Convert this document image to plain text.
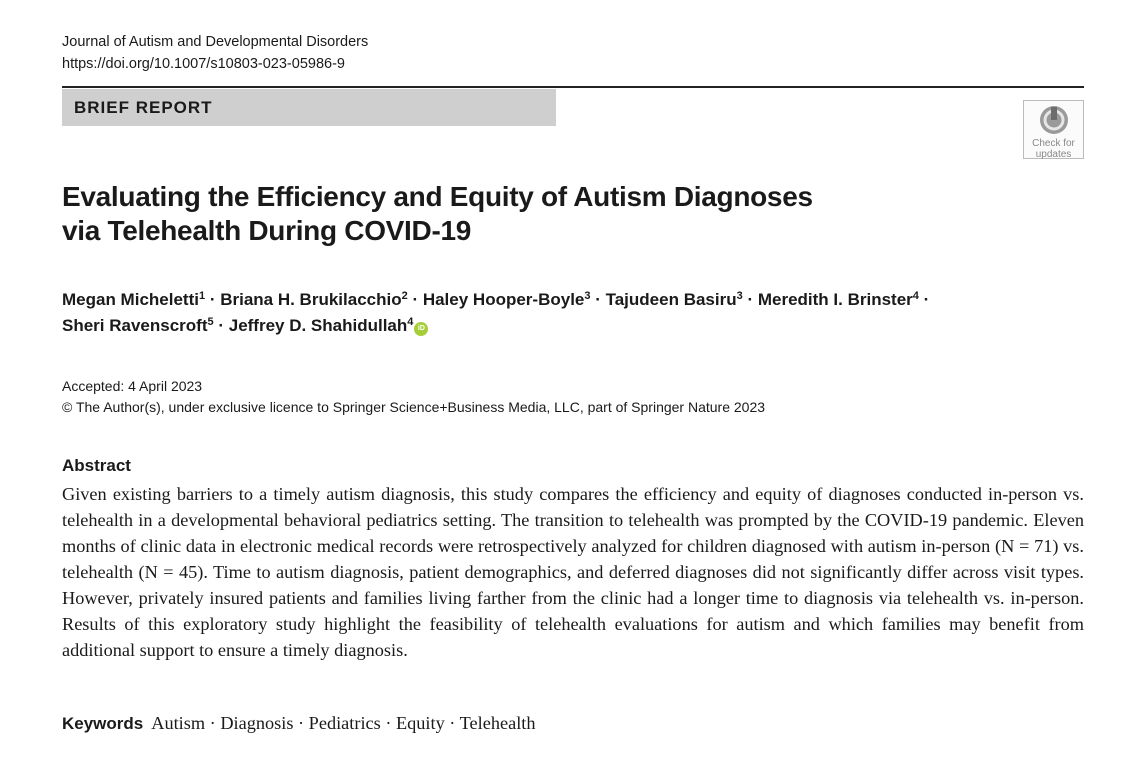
Journal of Autism and Developmental Disorders
https://doi.org/10.1007/s10803-023-05986-9
BRIEF REPORT
Check for
updates
Evaluating the Efficiency and Equity of Autism Diagnoses
via Telehealth During COVID-19
Megan Micheletti$^1$ · Briana H. Brukilacchio$^2$ · Haley Hooper-Boyle$^3$ · Tajudeen Basiru$^3$ · Meredith I. Brinster$^4$ ·
Sheri Ravenscroft$^5$ · Jeffrey D. Shahidullah$^4$iD
Accepted: 4 April 2023
© The Author(s), under exclusive licence to Springer Science+Business Media, LLC, part of Springer Nature 2023
Abstract

Given existing barriers to a timely autism diagnosis, this study compares the efficiency and equity of diagnoses conducted in-person vs. telehealth in a developmental behavioral pediatrics setting. The transition to telehealth was prompted by the COVID-19 pandemic. Eleven months of clinic data in electronic medical records were retrospectively analyzed for children diagnosed with autism in-person (N = 71) vs. telehealth (N = 45). Time to autism diagnosis, patient demographics, and deferred diagnoses did not significantly differ across visit types. However, privately insured patients and families living farther from the clinic had a longer time to diagnosis via telehealth vs. in-person. Results of this exploratory study highlight the feasibility of telehealth evaluations for autism and which families may benefit from additional support to ensure a timely diagnosis.

Keywords Autism · Diagnosis · Pediatrics · Equity · Telehealth
